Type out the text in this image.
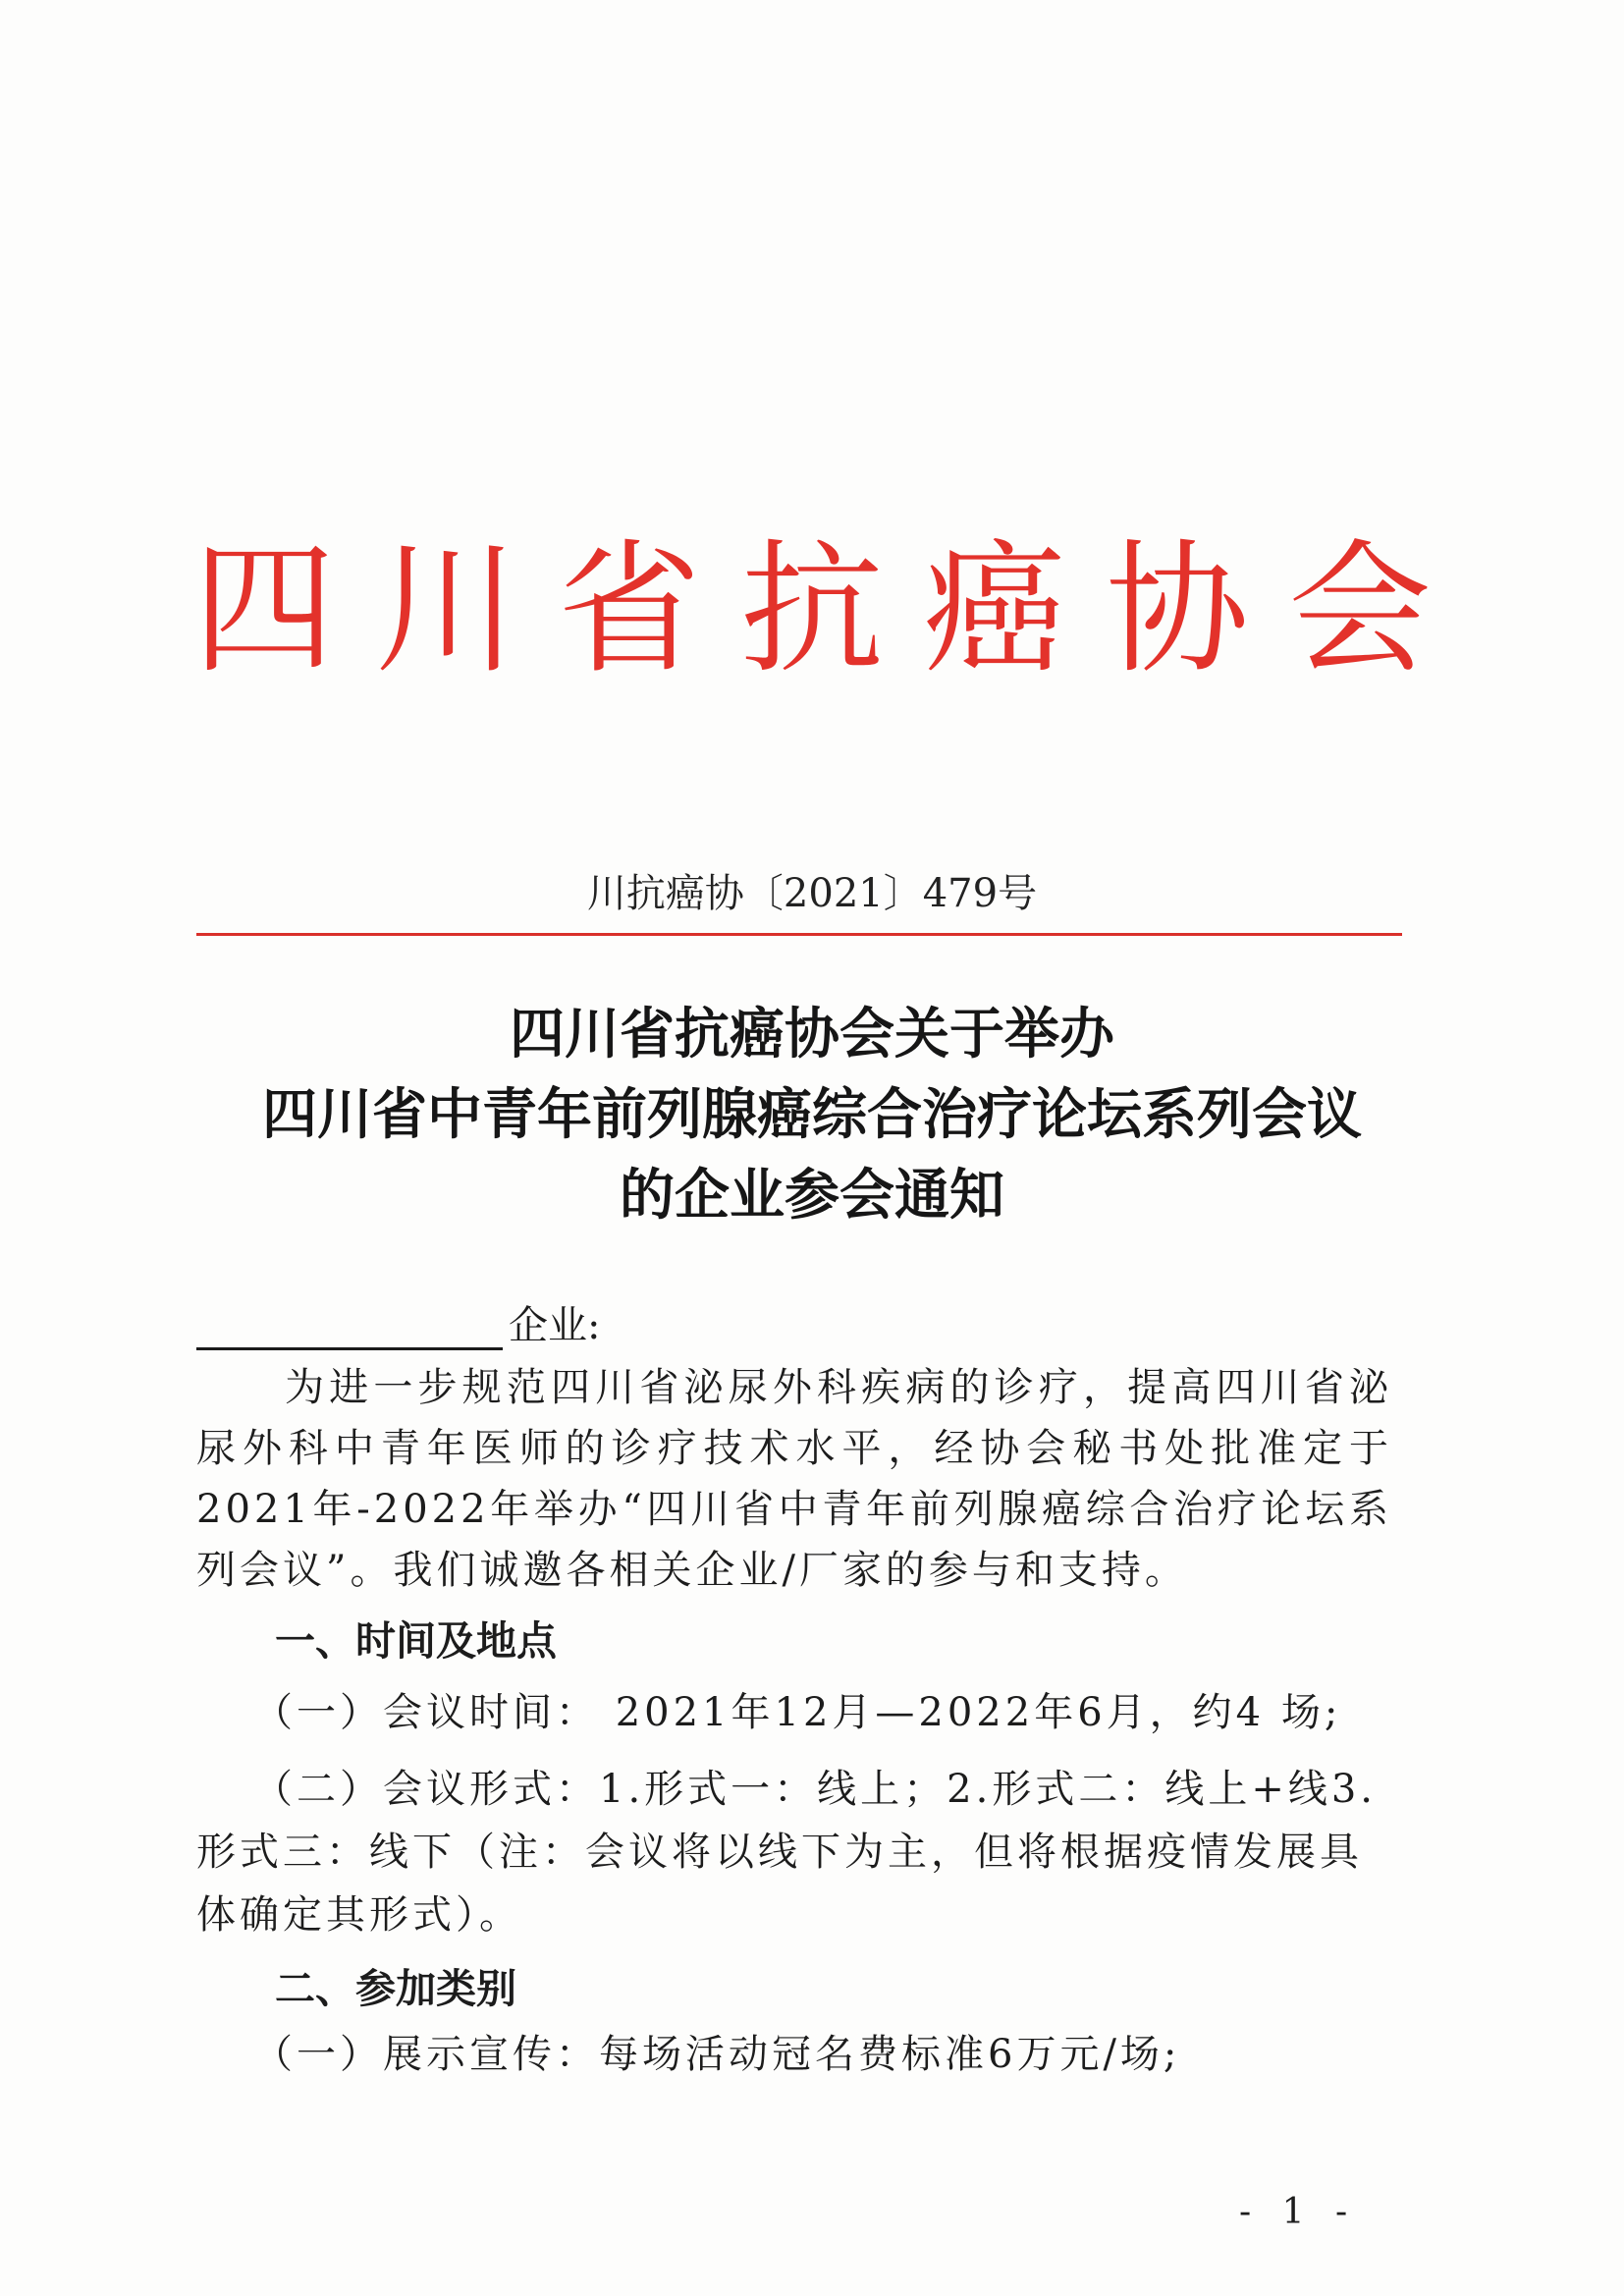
四川省抗癌协会
川抗癌协〔2021〕479号
四川省抗癌协会关于举办
四川省中青年前列腺癌综合治疗论坛系列会议
的企业参会通知
企业:
为进一步规范四川省泌尿外科疾病的诊疗，提高四川省泌尿外科中青年医师的诊疗技术水平，经协会秘书处批准定于2021年-2022年举办“四川省中青年前列腺癌综合治疗论坛系列会议”。我们诚邀各相关企业/厂家的参与和支持。
一、时间及地点
（一）会议时间： 2021年12月—2022年6月，约4 场;
（二）会议形式：1.形式一：线上；2.形式二：线上+线3.形式三：线下（注：会议将以线下为主，但将根据疫情发展具体确定其形式）。
二、参加类别
（一）展示宣传：每场活动冠名费标准6万元/场;
- 1 -
